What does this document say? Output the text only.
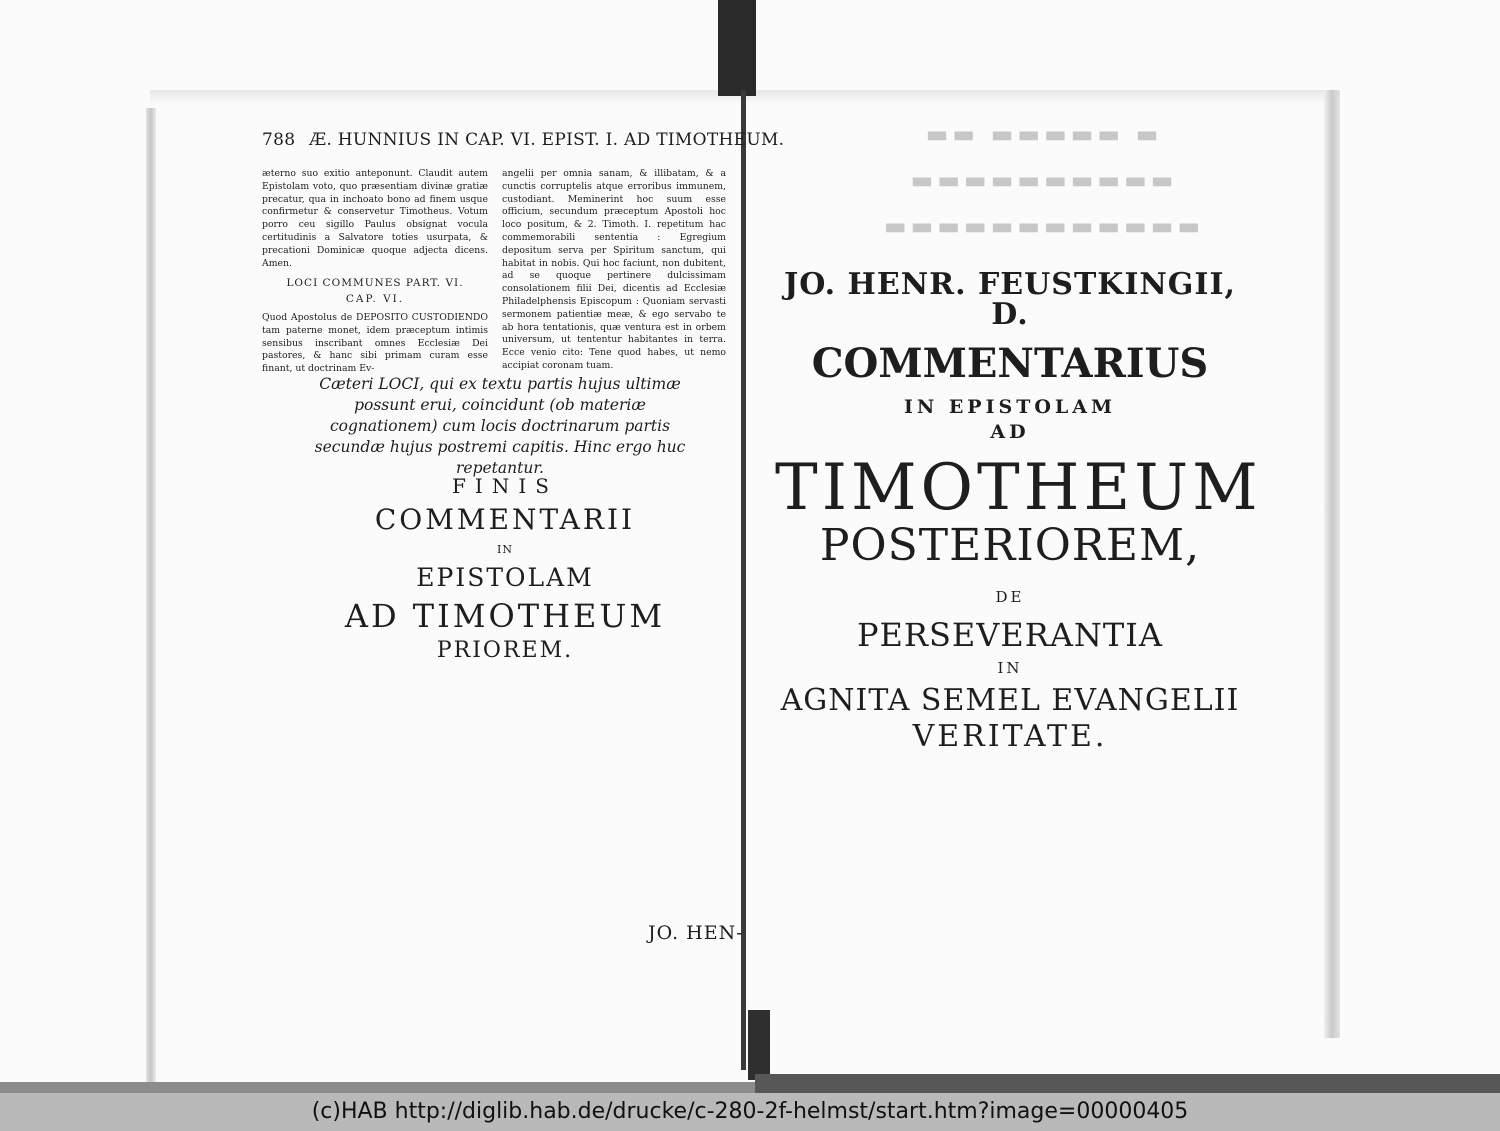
788 Æ. HUNNIUS IN CAP. VI. EPIST. I. AD TIMOTHEUM.

æterno suo exitio anteponunt. Claudit autem Epistolam voto, quo præsentiam divinæ gratiæ precatur, qua in inchoato bono ad finem usque confirmetur & conservetur Timotheus. Votum porro ceu sigillo Paulus obsignat vocula certitudinis a Salvatore toties usurpata, & precationi Dominicæ quoque adjecta dicens. Amen.

LOCI COMMUNES PART. VI.
CAP. VI.

Quod Apostolus de DEPOSITO CUSTODIENDO tam paterne monet, idem præceptum intimis sensibus inscribant omnes Ecclesiæ Dei pastores, & hanc sibi primam curam esse finant, ut doctrinam Ev-

angelii per omnia sanam, & illibatam, & a cunctis corruptelis atque erroribus immunem, custodiant. Meminerint hoc suum esse officium, secundum præceptum Apostoli hoc loco positum, & 2. Timoth. I. repetitum hac commemorabili sententia : Egregium depositum serva per Spiritum sanctum, qui habitat in nobis. Qui hoc faciunt, non dubitent, ad se quoque pertinere dulcissimam consolationem filii Dei, dicentis ad Ecclesiæ Philadelphensis Episcopum : Quoniam servasti sermonem patientiæ meæ, & ego servabo te ab hora tentationis, quæ ventura est in orbem universum, ut tententur habitantes in terra. Ecce venio cito: Tene quod habes, ut nemo accipiat coronam tuam.

Cæteri LOCI, qui ex textu partis hujus ultimæ possunt erui, coincidunt (ob materiæ cognationem) cum locis doctrinarum partis secundæ hujus postremi capitis. Hinc ergo huc repetantur.
FINIS
COMMENTARII
IN
EPISTOLAM
AD TIMOTHEUM
PRIOREM.
JO. HEN-
▬ ▬▬▬▬▬ ▬▬
▬▬▬▬▬▬▬▬▬▬
▬▬▬▬▬▬▬▬▬▬▬▬
JO. HENR. FEUSTKINGII, D.
COMMENTARIUS
IN EPISTOLAM
AD
TIMOTHEUM
POSTERIOREM,
DE
PERSEVERANTIA
IN
AGNITA SEMEL EVANGELII
VERITATE.
(c)HAB http://diglib.hab.de/drucke/c-280-2f-helmst/start.htm?image=00000405
